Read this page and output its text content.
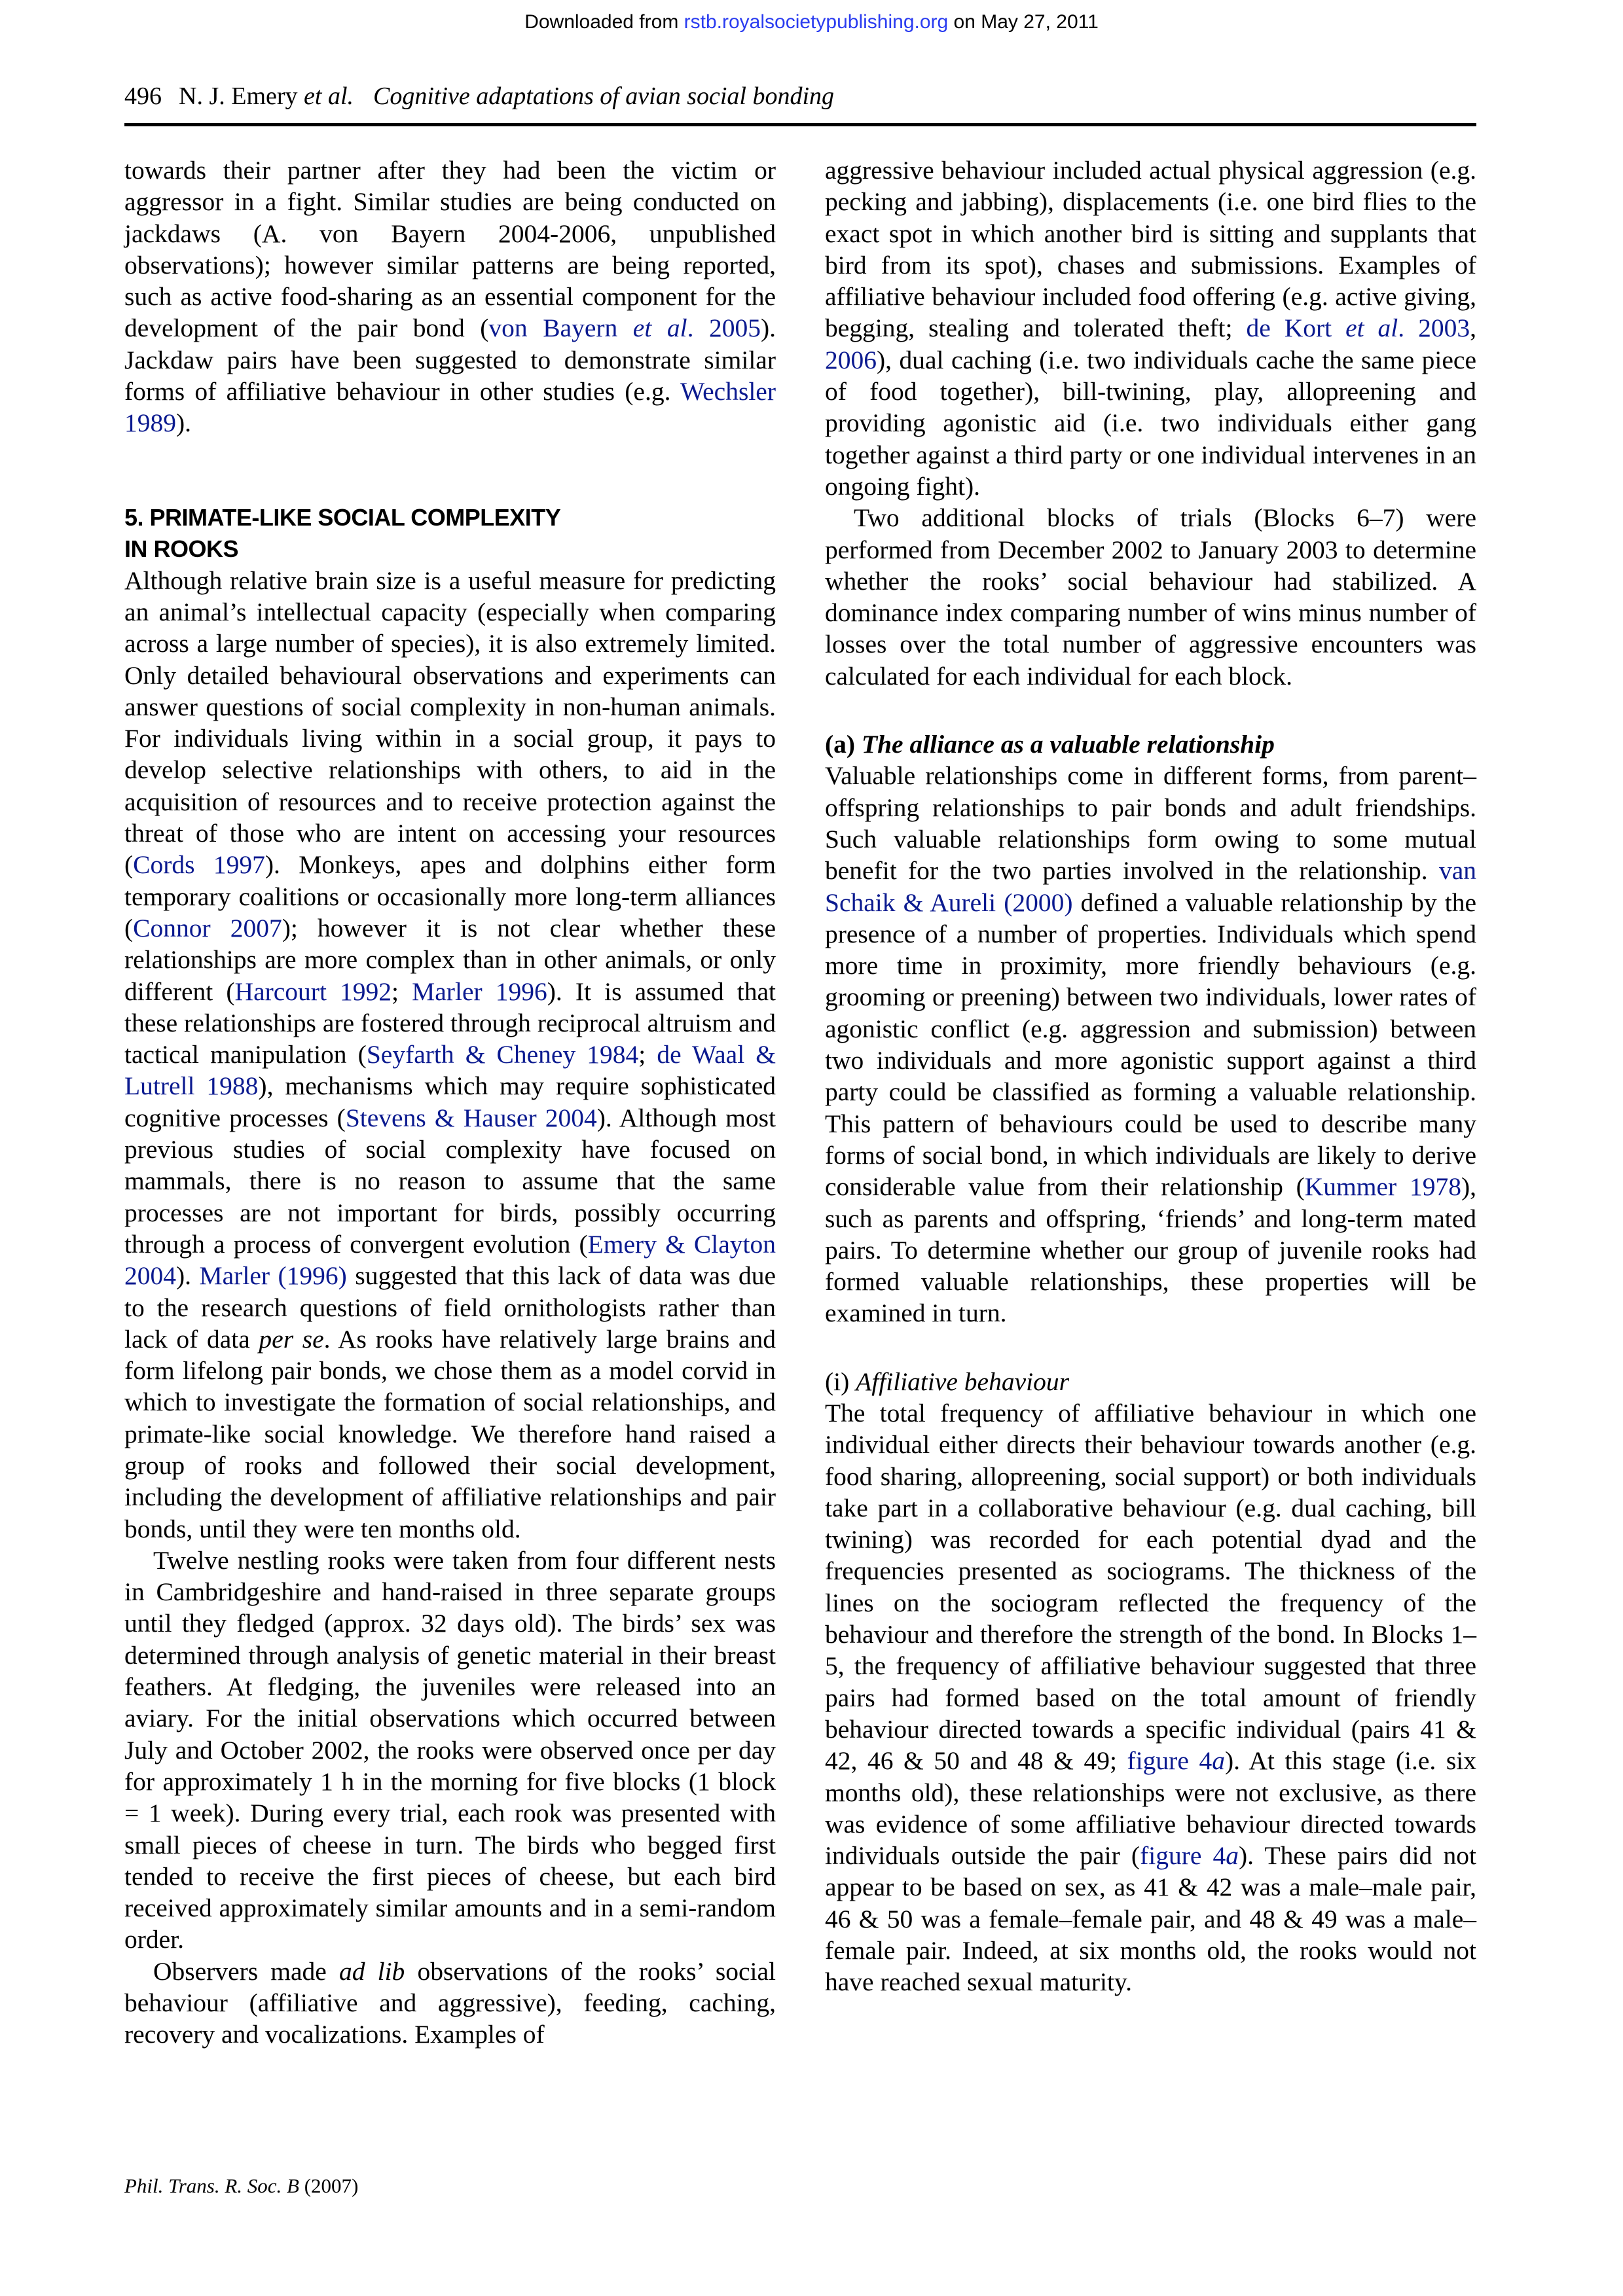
Downloaded from rstb.royalsocietypublishing.org on May 27, 2011
496 N. J. Emery et al. Cognitive adaptations of avian social bonding

towards their partner after they had been the victim or aggressor in a fight. Similar studies are being conducted on jackdaws (A. von Bayern 2004-2006, unpublished observations); however similar patterns are being reported, such as active food-sharing as an essential component for the development of the pair bond (von Bayern et al. 2005). Jackdaw pairs have been suggested to demonstrate similar forms of affiliative behaviour in other studies (e.g. Wechsler 1989).

5. PRIMATE-LIKE SOCIAL COMPLEXITY
IN ROOKS

Although relative brain size is a useful measure for predicting an animal’s intellectual capacity (especially when comparing across a large number of species), it is also extremely limited. Only detailed behavioural observations and experiments can answer questions of social complexity in non-human animals. For individuals living within in a social group, it pays to develop selective relationships with others, to aid in the acquisition of resources and to receive protection against the threat of those who are intent on accessing your resources (Cords 1997). Monkeys, apes and dolphins either form temporary coalitions or occasionally more long-term alliances (Connor 2007); however it is not clear whether these relationships are more complex than in other animals, or only different (Harcourt 1992; Marler 1996). It is assumed that these relationships are fostered through reciprocal altruism and tactical manipulation (Seyfarth & Cheney 1984; de Waal & Lutrell 1988), mechanisms which may require sophisticated cognitive processes (Stevens & Hauser 2004). Although most previous studies of social complexity have focused on mammals, there is no reason to assume that the same processes are not important for birds, possibly occurring through a process of convergent evolution (Emery & Clayton 2004). Marler (1996) suggested that this lack of data was due to the research questions of field ornithologists rather than lack of data per se. As rooks have relatively large brains and form lifelong pair bonds, we chose them as a model corvid in which to investigate the formation of social relationships, and primate-like social knowledge. We therefore hand raised a group of rooks and followed their social development, including the development of affiliative relationships and pair bonds, until they were ten months old.

Twelve nestling rooks were taken from four different nests in Cambridgeshire and hand-raised in three separate groups until they fledged (approx. 32 days old). The birds’ sex was determined through analysis of genetic material in their breast feathers. At fledging, the juveniles were released into an aviary. For the initial observations which occurred between July and October 2002, the rooks were observed once per day for approximately 1 h in the morning for five blocks (1 block = 1 week). During every trial, each rook was presented with small pieces of cheese in turn. The birds who begged first tended to receive the first pieces of cheese, but each bird received approximately similar amounts and in a semi-random order.

Observers made ad lib observations of the rooks’ social behaviour (affiliative and aggressive), feeding, caching, recovery and vocalizations. Examples of

aggressive behaviour included actual physical aggression (e.g. pecking and jabbing), displacements (i.e. one bird flies to the exact spot in which another bird is sitting and supplants that bird from its spot), chases and submissions. Examples of affiliative behaviour included food offering (e.g. active giving, begging, stealing and tolerated theft; de Kort et al. 2003, 2006), dual caching (i.e. two individuals cache the same piece of food together), bill-twining, play, allopreening and providing agonistic aid (i.e. two individuals either gang together against a third party or one individual intervenes in an ongoing fight).

Two additional blocks of trials (Blocks 6–7) were performed from December 2002 to January 2003 to determine whether the rooks’ social behaviour had stabilized. A dominance index comparing number of wins minus number of losses over the total number of aggressive encounters was calculated for each individual for each block.

(a) The alliance as a valuable relationship

Valuable relationships come in different forms, from parent–offspring relationships to pair bonds and adult friendships. Such valuable relationships form owing to some mutual benefit for the two parties involved in the relationship. van Schaik & Aureli (2000) defined a valuable relationship by the presence of a number of properties. Individuals which spend more time in proximity, more friendly behaviours (e.g. grooming or preening) between two individuals, lower rates of agonistic conflict (e.g. aggression and submission) between two individuals and more agonistic support against a third party could be classified as forming a valuable relationship. This pattern of behaviours could be used to describe many forms of social bond, in which individuals are likely to derive considerable value from their relationship (Kummer 1978), such as parents and offspring, ‘friends’ and long-term mated pairs. To determine whether our group of juvenile rooks had formed valuable relationships, these properties will be examined in turn.

(i) Affiliative behaviour

The total frequency of affiliative behaviour in which one individual either directs their behaviour towards another (e.g. food sharing, allopreening, social support) or both individuals take part in a collaborative behaviour (e.g. dual caching, bill twining) was recorded for each potential dyad and the frequencies presented as sociograms. The thickness of the lines on the sociogram reflected the frequency of the behaviour and therefore the strength of the bond. In Blocks 1–5, the frequency of affiliative behaviour suggested that three pairs had formed based on the total amount of friendly behaviour directed towards a specific individual (pairs 41 & 42, 46 & 50 and 48 & 49; figure 4a). At this stage (i.e. six months old), these relationships were not exclusive, as there was evidence of some affiliative behaviour directed towards individuals outside the pair (figure 4a). These pairs did not appear to be based on sex, as 41 & 42 was a male–male pair, 46 & 50 was a female–female pair, and 48 & 49 was a male–female pair. Indeed, at six months old, the rooks would not have reached sexual maturity.

Phil. Trans. R. Soc. B (2007)
